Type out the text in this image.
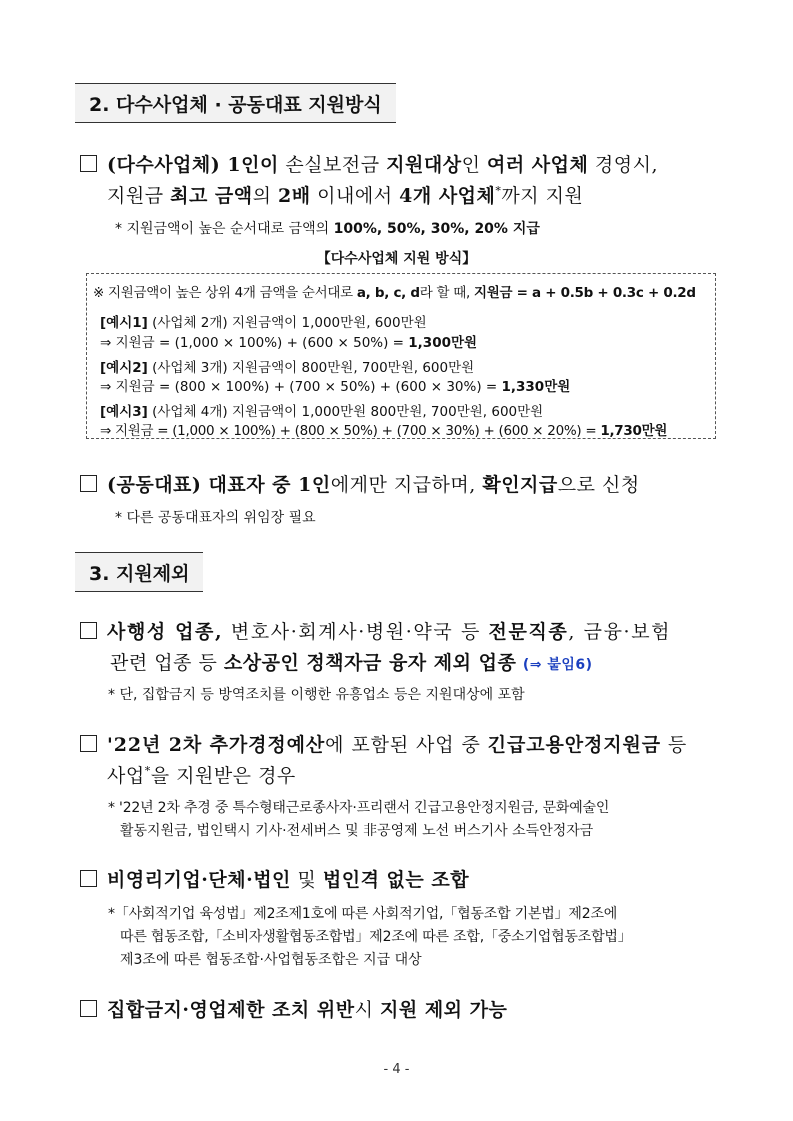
2. 다수사업체 · 공동대표 지원방식
(다수사업체) 1인이 손실보전금 지원대상인 여러 사업체 경영시,
지원금 최고 금액의 2배 이내에서 4개 사업체*까지 지원
* 지원금액이 높은 순서대로 금액의 100%, 50%, 30%, 20% 지급
【다수사업체 지원 방식】
※ 지원금액이 높은 상위 4개 금액을 순서대로 a, b, c, d라 할 때, 지원금 = a + 0.5b + 0.3c + 0.2d
[예시1] (사업체 2개) 지원금액이 1,000만원, 600만원
⇒ 지원금 = (1,000 × 100%) + (600 × 50%) = 1,300만원
[예시2] (사업체 3개) 지원금액이 800만원, 700만원, 600만원
⇒ 지원금 = (800 × 100%) + (700 × 50%) + (600 × 30%) = 1,330만원
[예시3] (사업체 4개) 지원금액이 1,000만원 800만원, 700만원, 600만원
⇒ 지원금 = (1,000 × 100%) + (800 × 50%) + (700 × 30%) + (600 × 20%) = 1,730만원
(공동대표) 대표자 중 1인에게만 지급하며, 확인지급으로 신청
* 다른 공동대표자의 위임장 필요
3. 지원제외
사행성 업종, 변호사·회계사·병원·약국 등 전문직종, 금융·보험
관련 업종 등 소상공인 정책자금 융자 제외 업종 (⇒ 붙임6)
* 단, 집합금지 등 방역조치를 이행한 유흥업소 등은 지원대상에 포함
'22년 2차 추가경정예산에 포함된 사업 중 긴급고용안정지원금 등
사업*을 지원받은 경우
* '22년 2차 추경 중 특수형태근로종사자·프리랜서 긴급고용안정지원금, 문화예술인
활동지원금, 법인택시 기사·전세버스 및 非공영제 노선 버스기사 소득안정자금
비영리기업·단체·법인 및 법인격 없는 조합
*「사회적기업 육성법」제2조제1호에 따른 사회적기업,「협동조합 기본법」제2조에
따른 협동조합,「소비자생활협동조합법」제2조에 따른 조합,「중소기업협동조합법」
제3조에 따른 협동조합·사업협동조합은 지급 대상
집합금지·영업제한 조치 위반시 지원 제외 가능
- 4 -
